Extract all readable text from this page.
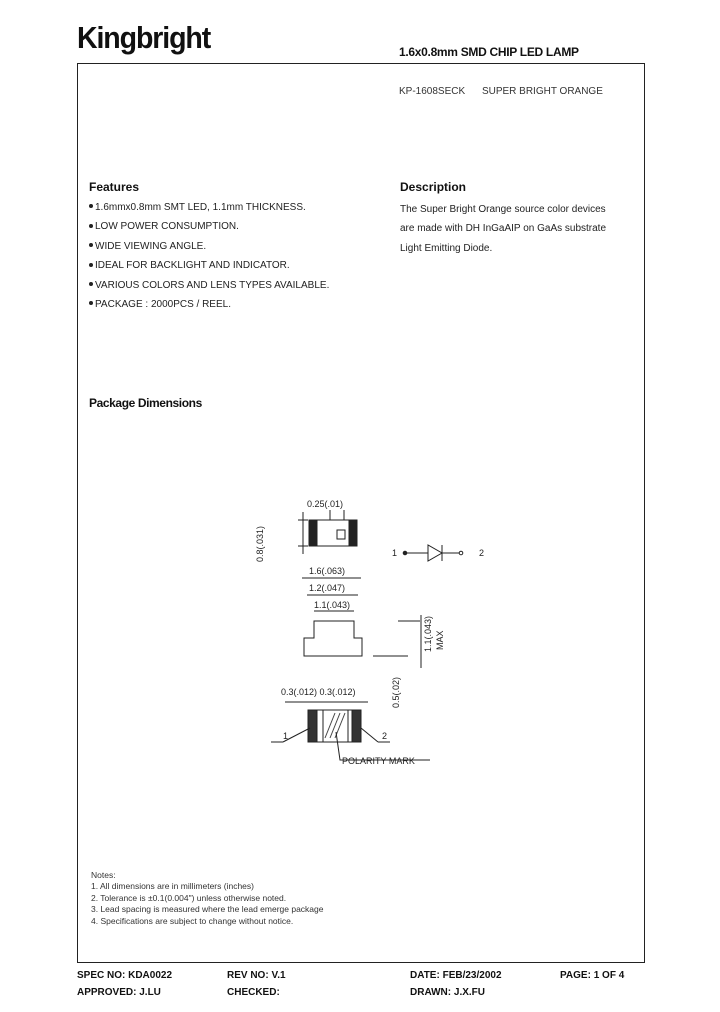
Kingbright	1.6x0.8mm SMD CHIP LED LAMP
KP-1608SECK SUPER BRIGHT ORANGE
Features
1.6mmx0.8mm SMT LED, 1.1mm THICKNESS.
LOW POWER CONSUMPTION.
WIDE VIEWING ANGLE.
IDEAL FOR BACKLIGHT AND INDICATOR.
VARIOUS COLORS AND LENS TYPES AVAILABLE.
PACKAGE : 2000PCS / REEL.
Description
The Super Bright Orange source color devices
are made with DH InGaAIP on GaAs substrate
Light Emitting Diode.
Package Dimensions
0.25(.01)
0.8(.031)	1	2
1.6(.063)
1.2(.047)
1.1(.043)
1.1(.043) MAX
0.5(.02)
0.3(.012) 0.3(.012)
1	2
POLARITY MARK
Notes:
1. All dimensions are in millimeters (inches)
2. Tolerance is ±0.1(0.004") unless otherwise noted.
3. Lead spacing is measured where the lead emerge package
4. Specifications are subject to change without notice.
SPEC NO: KDA0022	REV NO: V.1	DATE: FEB/23/2002	PAGE: 1 OF 4
APPROVED: J.LU	CHECKED:	DRAWN: J.X.FU
